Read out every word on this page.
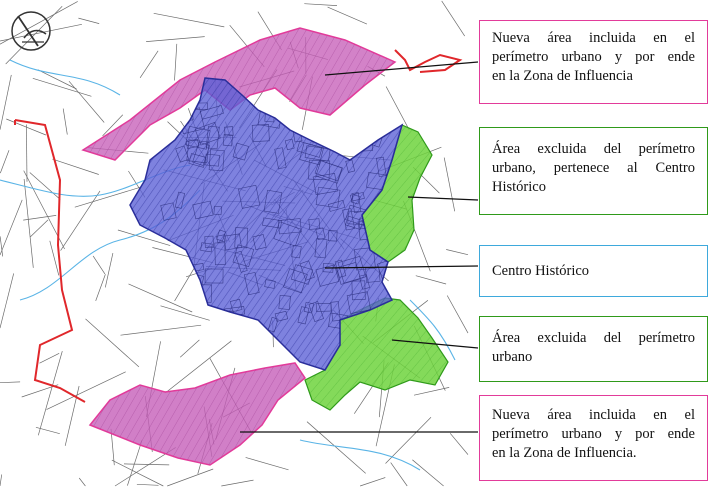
Nueva área incluida en el
perímetro urbano y por ende
en la Zona de Influencia
Área excluida del perímetro
urbano, pertenece al Centro
Histórico
Centro Histórico
Área excluida del perímetro
urbano
Nueva área incluida en el
perímetro urbano y por ende
en la Zona de Influencia.
